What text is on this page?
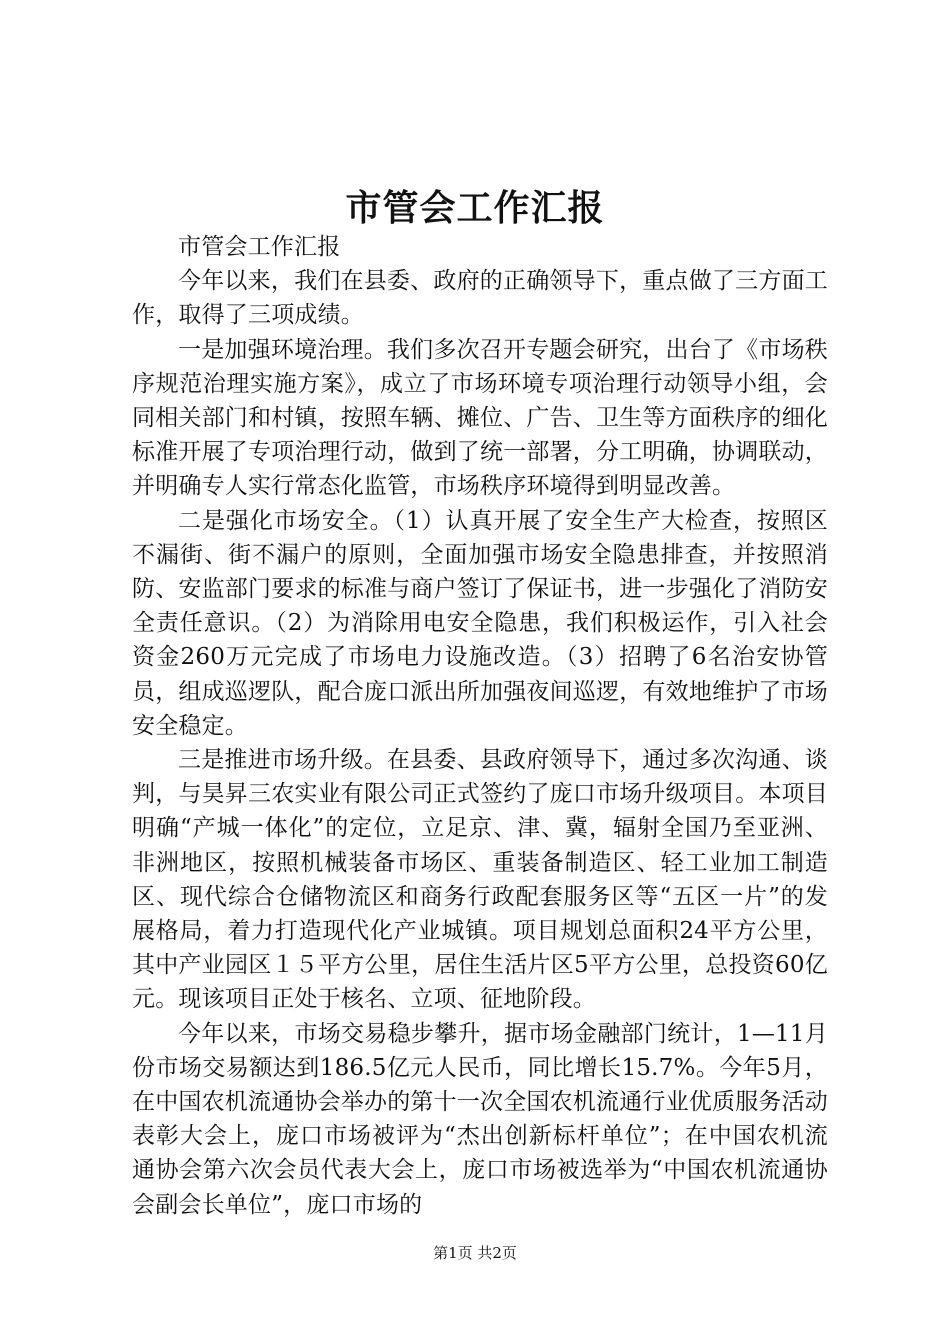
市管会工作汇报

市管会工作汇报

今年以来，我们在县委、政府的正确领导下，重点做了三方面工作，取得了三项成绩。

一是加强环境治理。我们多次召开专题会研究，出台了《市场秩序规范治理实施方案》，成立了市场环境专项治理行动领导小组，会同相关部门和村镇，按照车辆、摊位、广告、卫生等方面秩序的细化标准开展了专项治理行动，做到了统一部署，分工明确，协调联动，并明确专人实行常态化监管，市场秩序环境得到明显改善。

二是强化市场安全。（1）认真开展了安全生产大检查，按照区不漏街、街不漏户的原则，全面加强市场安全隐患排查，并按照消防、安监部门要求的标准与商户签订了保证书，进一步强化了消防安全责任意识。（2）为消除用电安全隐患，我们积极运作，引入社会资金260万元完成了市场电力设施改造。（3）招聘了6名治安协管员，组成巡逻队，配合庞口派出所加强夜间巡逻，有效地维护了市场安全稳定。

三是推进市场升级。在县委、县政府领导下，通过多次沟通、谈判，与昊昇三农实业有限公司正式签约了庞口市场升级项目。本项目明确“产城一体化”的定位，立足京、津、冀，辐射全国乃至亚洲、非洲地区，按照机械装备市场区、重装备制造区、轻工业加工制造区、现代综合仓储物流区和商务行政配套服务区等“五区一片”的发展格局，着力打造现代化产业城镇。项目规划总面积24平方公里，其中产业园区１５平方公里，居住生活片区5平方公里，总投资60亿元。现该项目正处于核名、立项、征地阶段。

今年以来，市场交易稳步攀升，据市场金融部门统计，1—11月份市场交易额达到186.5亿元人民币，同比增长15.7%。今年5月，在中国农机流通协会举办的第十一次全国农机流通行业优质服务活动表彰大会上，庞口市场被评为“杰出创新标杆单位”；在中国农机流通协会第六次会员代表大会上，庞口市场被选举为“中国农机流通协会副会长单位”，庞口市场的

第1页 共2页
